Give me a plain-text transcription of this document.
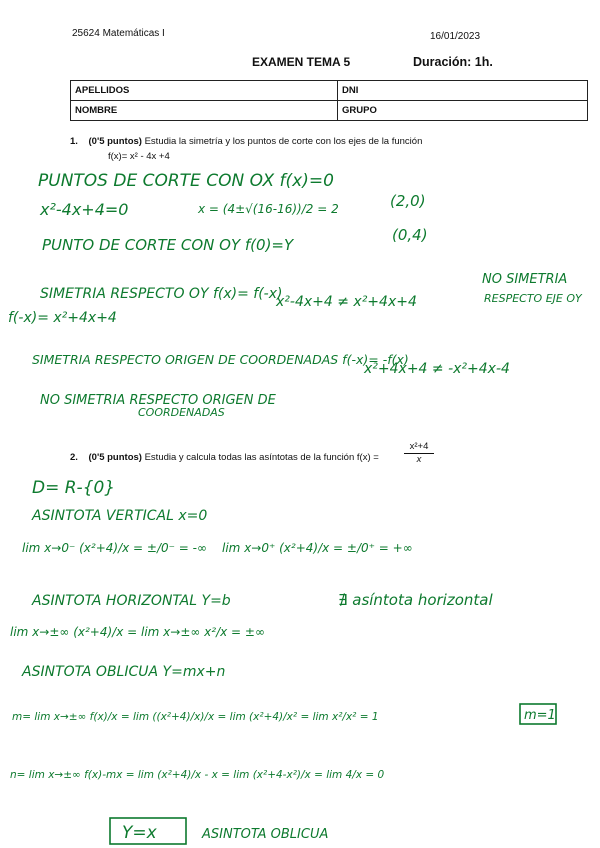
25624 Matemáticas I	16/01/2023
EXAMEN TEMA 5	Duración: 1h.
APELLIDOS	DNI
NOMBRE	GRUPO
1. (0'5 puntos) Estudia la simetría y los puntos de corte con los ejes de la función
f(x)= x² - 4x +4
2. (0'5 puntos) Estudia y calcula todas las asíntotas de la función f(x) =	$\frac{\text{x²+4}}{x}$
PUNTOS DE CORTE CON OX f(x)=0
x²-4x+4=0	x = (4±√(16-16))/2 = 2	(2,0)
PUNTO DE CORTE CON OY f(0)=Y
(0,4)
SIMETRIA RESPECTO OY f(x)= f(-x)
NO SIMETRIA
x²-4x+4 ≠ x²+4x+4	RESPECTO EJE OY
f(-x)= x²+4x+4
SIMETRIA RESPECTO ORIGEN DE COORDENADAS f(-x)= -f(x)
x²+4x+4 ≠ -x²+4x-4
NO SIMETRIA RESPECTO ORIGEN DE
COORDENADAS
D= R-{0}
ASINTOTA VERTICAL x=0
lim x→0⁻ (x²+4)/x = ±/0⁻ = -∞ lim x→0⁺ (x²+4)/x = ±/0⁺ = +∞
ASINTOTA HORIZONTAL Y=b	∄ asíntota horizontal
lim x→±∞ (x²+4)/x = lim x→±∞ x²/x = ±∞
ASINTOTA OBLICUA Y=mx+n
m= lim x→±∞ f(x)/x = lim ((x²+4)/x)/x = lim (x²+4)/x² = lim x²/x² = 1	m=1
n= lim x→±∞ f(x)-mx = lim (x²+4)/x - x = lim (x²+4-x²)/x = lim 4/x = 0
Y=x	ASINTOTA OBLICUA
